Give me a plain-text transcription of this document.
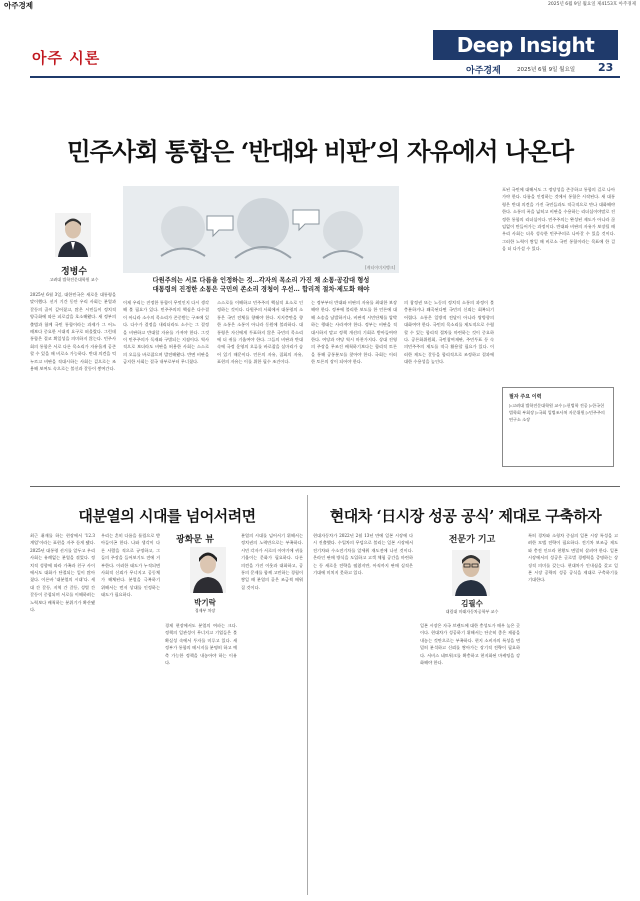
아주경제	2025년 6월 9일 월요일 제4153호 아주경제
아주 시론
Deep Insight
아주경제	2025년 6월 9일 월요일 23
민주사회 통합은 ‘반대와 비판’의 자유에서 나온다
정병수
고려대 법학전문대학원 교수
[게티이미지뱅크]
다원주의는 서로 다름을 인정하는 것…각자의 목소리 가진 채 소통·공감대 형성
대통령의 진정한 소통은 국민의 존소리 경청이 우선… 합리적 절차·제도화 해야
2025년 6월 3일, 대한민국은 새로운 대통령을 맞이했다. 선거 기간 동안 우리 사회는 분열과 갈등의 골이 깊어졌고, 많은 시민들이 정치적 양극화에 따른 피로감을 호소해왔다. 새 정부의 출범과 함께 국민 통합이라는 과제가 그 어느 때보다 중요한 시대적 요구로 떠올랐다. 그런데 통합은 결코 획일성을 의미하지 않는다. 민주사회의 통합은 서로 다른 목소리가 자유롭게 공존할 수 있을 때 비로소 가능하다. 반대 의견을 억누르고 비판을 적대시하는 사회는 겉으로는 조용해 보여도 속으로는 불신과 갈등이 쌓여간다.
이제 우리는 진정한 통합이 무엇인지 다시 생각해 볼 필요가 있다. 민주주의의 핵심은 다수결이 아니라 소수의 목소리가 존중받는 구조에 있다. 다수가 결정을 내리더라도 소수는 그 결정을 비판하고 반대할 자유를 가져야 한다. 그것이 민주주의가 독재와 구별되는 지점이다. 역사적으로 보더라도 비판을 허용한 사회는 스스로의 오류를 바로잡으며 발전해왔다. 반면 비판을 금지한 사회는 결국 내부로부터 무너졌다.
스스로를 이해하고 민주주의 핵심적 요소로 인정하는 것이다. 다원주의 사회에서 대통령의 소통은 국민 전체를 향해야 한다. 지지층만을 향한 소통은 소통이 아니라 동원에 불과하다. 대통령은 자신에게 투표하지 않은 국민의 목소리에 더 귀를 기울여야 한다. 그들의 비판과 반대 속에 국정 운영의 오류를 바로잡을 실마리가 숨어 있기 때문이다. 언론의 자유, 집회의 자유, 표현의 자유는 이를 위한 필수 조건이다.
는 정부부터 반대와 비판의 자유를 최대한 보장해야 한다. 정부에 불리한 보도를 한 언론에 대해 소송을 남발하거나, 비판적 시민단체를 압박하는 행태는 사라져야 한다. 정부는 비판을 적대시하지 말고 정책 개선의 기회로 받아들여야 한다. 여당과 야당 역시 마찬가지다. 상대 진영의 주장을 무조건 배척하기보다는 합리적 토론을 통해 공통분모를 찾아야 한다. 국회는 이러한 토론의 장이 되어야 한다.
의 참정권 또는 노동의 정치적 소통의 과정이 불충분하거나 왜곡된다면 국민의 신뢰는 회복되기 어렵다. 소통은 일방적 전달이 아니라 쌍방향의 대화여야 한다. 국민의 목소리를 제도적으로 수렴할 수 있는 합리적 절차를 마련하는 것이 중요하다. 공론화위원회, 국민참여재판, 주민투표 등 숙의민주주의 제도를 적극 활용할 필요가 있다. 이러한 제도는 갈등을 합리적으로 조정하고 결과에 대한 수용성을 높인다.
포된 국민에 대해서도 그 정당성을 존중하고 통합의 길로 나아가야 한다. 다름을 인정하는 것에서 통합은 시작된다. 새 대통령은 반대 의견을 가진 국민들과도 적극적으로 만나 대화해야 한다. 소통의 폭을 넓히고 비판을 수용하는 리더십이야말로 진정한 통합의 리더십이다. 민주주의는 완성된 제도가 아니라 끊임없이 만들어가는 과정이다. 반대와 비판의 자유가 보장될 때 우리 사회는 더욱 성숙한 민주주의로 나아갈 수 있을 것이다. 그러한 노력이 쌓일 때 비로소 국민 통합이라는 목표에 한 걸음 더 다가설 수 있다.
필자 주요 이력
▷고려대 법학전문대학원 교수 ▷헌법학 전공 ▷한국헌법학회 부회장 ▷국회 입법조사처 자문위원 ▷민주주의 연구소 소장
대분열의 시대를 넘어서려면
광화문 뷰
박기락
경제부 차장
최근 취재를 하는 현장에서 '12.3 계엄'이라는 표현을 자주 듣게 됐다. 2025년 대통령 선거를 앞두고 우리 사회는 유례없는 분열을 겪었다. 정치적 성향에 따라 가족과 친구 사이에서도 대화가 단절되는 일이 많아졌다. 이른바 '대분열의 시대'다. 세대 간 갈등, 지역 간 갈등, 성별 간 갈등이 중첩되며 서로를 이해하려는 노력보다 배척하는 분위기가 확산됐다.
우리는 흔히 다름을 틀림으로 받아들이곤 한다. 나와 생각이 다른 사람을 적으로 규정하고, 그들의 주장을 들어보기도 전에 거부한다. 이러한 태도가 누적되면 사회적 신뢰가 무너지고 공동체가 해체된다. 분열을 극복하기 위해서는 먼저 상대를 인정하는 태도가 필요하다.
경제 현장에서도 분열의 여파는 크다. 정책의 일관성이 무너지고 기업들은 불확실성 속에서 투자를 미루고 있다. 새 정부가 통합의 메시지를 분명히 하고 예측 가능한 정책을 내놓아야 하는 이유다.
분열의 시대를 넘어서기 위해서는 정치권의 노력만으로는 부족하다. 시민 각자가 서로의 이야기에 귀를 기울이는 문화가 필요하다. 다른 의견을 가진 이웃과 대화하고, 공통의 문제를 함께 고민하는 경험이 쌓일 때 분열의 골은 조금씩 메워질 것이다.
현대차 ‘日시장 성공 공식’ 제대로 구축하자
전문가 기고
김필수
대림대 미래자동차공학부 교수
현대자동차가 2022년 2월 13년 만에 일본 시장에 다시 진출했다. 수입차의 무덤으로 불리는 일본 시장에서 전기차와 수소전기차를 앞세워 재도전에 나선 것이다. 온라인 판매 방식을 도입하고 고객 체험 공간을 마련하는 등 새로운 전략을 펼쳤지만, 아직까지 판매 실적은 기대에 미치지 못하고 있다.
일본 시장은 자국 브랜드에 대한 충성도가 매우 높은 곳이다. 현대차가 성공하기 위해서는 단순히 좋은 제품을 내놓는 것만으로는 부족하다. 현지 소비자의 특성을 면밀히 분석하고 신뢰를 쌓아가는 장기적 전략이 필요하다. 서비스 네트워크를 확충하고 현지화된 마케팅을 강화해야 한다.
특히 경차와 소형차 중심의 일본 시장 특성을 고려한 모델 전략이 필요하다. 전기차 보조금 제도와 충전 인프라 현황도 면밀히 살펴야 한다. 일본 시장에서의 성공은 글로벌 경쟁력을 증명하는 상징적 의미를 갖는다. 현대차가 인내심을 갖고 일본 시장 공략의 성공 공식을 제대로 구축하기를 기대한다.
